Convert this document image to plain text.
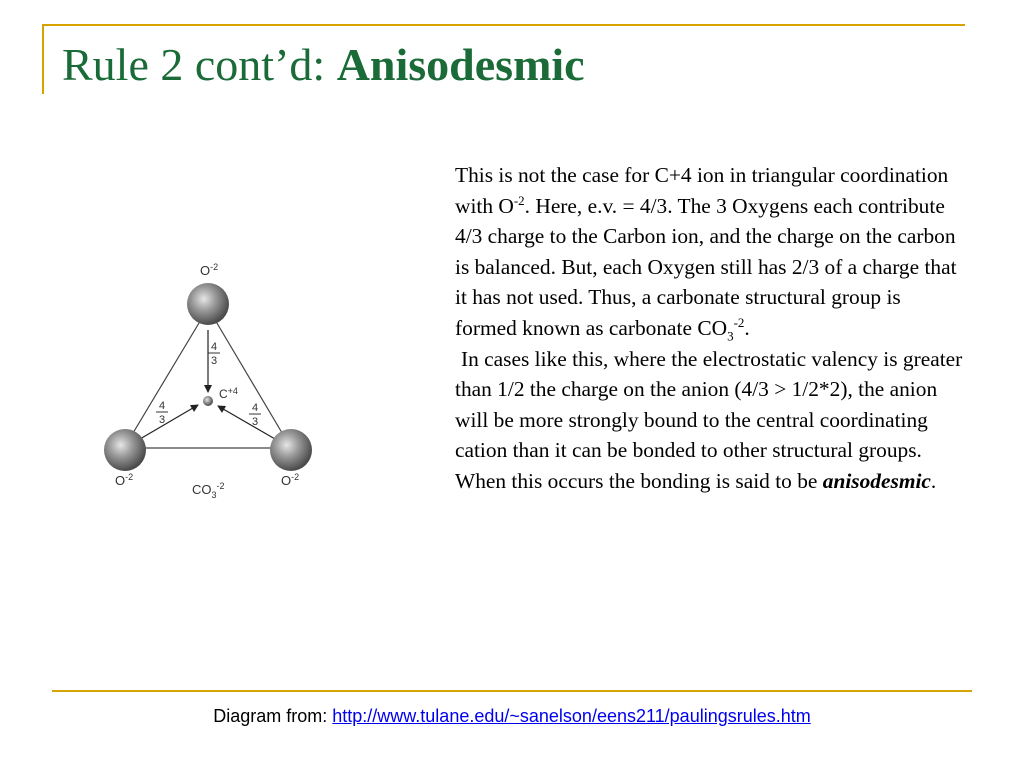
Rule 2 cont’d: Anisodesmic
$O^{-2}$
$O^{-2}$	$O^{-2}$
$C^{+4}$
$CO_3^{-2}$
4
3
4
3
4
3

This is not the case for C+4 ion in triangular coordination with $O^{-2}$. Here, e.v. = 4/3. The 3 Oxygens each contribute 4/3 charge to the Carbon ion, and the charge on the carbon is balanced. But, each Oxygen still has 2/3 of a charge that it has not used. Thus, a carbonate structural group is formed known as carbonate $CO_3^{-2}$.

In cases like this, where the electrostatic valency is greater than 1/2 the charge on the anion (4/3 > 1/2*2), the anion will be more strongly bound to the central coordinating cation than it can be bonded to other structural groups. When this occurs the bonding is said to be anisodesmic.

Diagram from: http://www.tulane.edu/~sanelson/eens211/paulingsrules.htm
